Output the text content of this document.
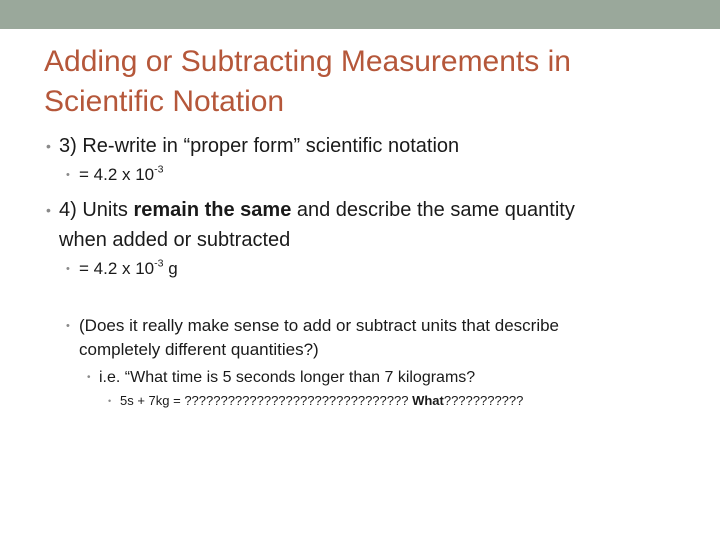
Adding or Subtracting Measurements in
Scientific Notation
• 3) Re-write in “proper form” scientific notation
• = 4.2 x $10^{-3}$
• 4) Units remain the same and describe the same quantity
when added or subtracted
• = 4.2 x $10^{-3}$ g
• (Does it really make sense to add or subtract units that describe
completely different quantities?)
• i.e. “What time is 5 seconds longer than 7 kilograms?
• 5s + 7kg = ??????????????????????????????? What???????????
